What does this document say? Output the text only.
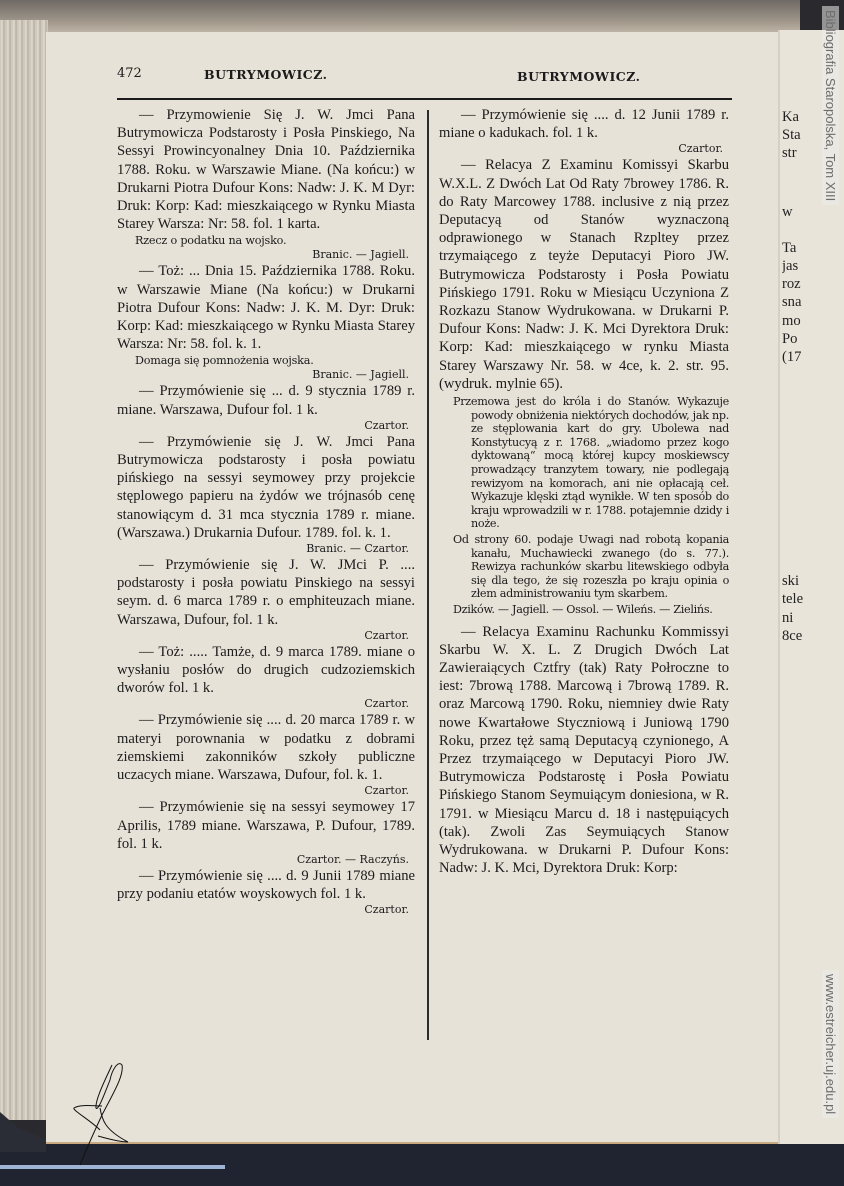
472	BUTRYMOWICZ.	BUTRYMOWICZ.

— Przymowienie Się J. W. Jmci Pana Butrymowicza Podstarosty i Posła Pinskiego, Na Sessyi Prowincyonalney Dnia 10. Października 1788. Roku. w Warszawie Miane. (Na końcu:) w Drukarni Piotra Dufour Kons: Nadw: J. K. M Dyr: Druk: Korp: Kad: mieszkaiącego w Rynku Miasta Starey Warsza: Nr: 58. fol. 1 karta.

Rzecz o podatku na wojsko.

Branic. — Jagiell.

— Toż: ... Dnia 15. Października 1788. Roku. w Warszawie Miane (Na końcu:) w Drukarni Piotra Dufour Kons: Nadw: J. K. M. Dyr: Druk: Korp: Kad: mieszkaiącego w Rynku Miasta Starey Warsza: Nr: 58. fol. k. 1.

Domaga się pomnożenia wojska.

Branic. — Jagiell.

— Przymówienie się ... d. 9 stycznia 1789 r. miane. Warszawa, Dufour fol. 1 k.

Czartor.

— Przymówienie się J. W. Jmci Pana Butrymowicza podstarosty i posła powiatu pińskiego na sessyi seymowey przy projekcie stęplowego papieru na żydów we trójnasób cenę stanowiącym d. 31 mca stycznia 1789 r. miane. (Warszawa.) Drukarnia Dufour. 1789. fol. k. 1.

Branic. — Czartor.

— Przymówienie się J. W. JMci P. .... podstarosty i posła powiatu Pinskiego na sessyi seym. d. 6 marca 1789 r. o emphiteuzach miane. Warszawa, Dufour, fol. 1 k.

Czartor.

— Toż: ..... Tamże, d. 9 marca 1789. miane o wysłaniu posłów do drugich cudzoziemskich dworów fol. 1 k.

Czartor.

— Przymówienie się .... d. 20 marca 1789 r. w materyi porownania w podatku z dobrami ziemskiemi zakonników szkoły publiczne uczacych miane. Warszawa, Dufour, fol. k. 1.

Czartor.

— Przymówienie się na sessyi seymowey 17 Aprilis, 1789 miane. Warszawa, P. Dufour, 1789. fol. 1 k.

Czartor. — Raczyńs.

— Przymówienie się .... d. 9 Junii 1789 miane przy podaniu etatów woyskowych fol. 1 k.

Czartor.

— Przymówienie się .... d. 12 Junii 1789 r. miane o kadukach. fol. 1 k.

Czartor.

— Relacya Z Examinu Komissyi Skarbu W.X.L. Z Dwóch Lat Od Raty 7browey 1786. R. do Raty Marcowey 1788. inclusive z nią przez Deputacyą od Stanów wyznaczoną odprawionego w Stanach Rzpltey przez trzymaiącego z teyże Deputacyi Pioro JW. Butrymowicza Podstarosty i Posła Powiatu Pińskiego 1791. Roku w Miesiącu Uczyniona Z Rozkazu Stanow Wydrukowana. w Drukarni P. Dufour Kons: Nadw: J. K. Mci Dyrektora Druk: Korp: Kad: mieszkaiącego w rynku Miasta Starey Warszawy Nr. 58. w 4ce, k. 2. str. 95. (wydruk. mylnie 65).

Przemowa jest do króla i do Stanów. Wykazuje powody obniżenia niektórych dochodów, jak np. ze stęplowania kart do gry. Ubolewa nad Konstytucyą z r. 1768. „wiadomo przez kogo dyktowaną“ mocą której kupcy moskiewscy prowadzący tranzytem towary, nie podlegają rewizyom na komorach, ani nie opłacają ceł. Wykazuje klęski ztąd wynikłe. W ten sposób do kraju wprowadzili w r. 1788. potajemnie dzidy i noże.

Od strony 60. podaje Uwagi nad robotą kopania kanału, Muchawiecki zwanego (do s. 77.). Rewizya rachunków skarbu litewskiego odbyła się dla tego, że się rozeszła po kraju opinia o złem administrowaniu tym skarbem.

Dzików. — Jagiell. — Ossol. — Wileńs. — Zielińs.

— Relacya Examinu Rachunku Kommissyi Skarbu W. X. L. Z Drugich Dwóch Lat Zawieraiących Cztfry (tak) Raty Połroczne to iest: 7brową 1788. Marcową i 7brową 1789. R. oraz Marcową 1790. Roku, niemniey dwie Raty nowe Kwartałowe Styczniową i Juniową 1790 Roku, przez tęż samą Deputacyą czynionego, A Przez trzymaiącego w Deputacyi Pioro JW. Butrymowicza Podstarostę i Posła Powiatu Pińskiego Stanom Seymuiącym doniesiona, w R. 1791. w Miesiącu Marcu d. 18 i następuiących (tak). Zwoli Zas Seymuiących Stanow Wydrukowana. w Drukarni P. Dufour Kons: Nadw: J. K. Mci, Dyrektora Druk: Korp:

Ka
Sta
str
w
Ta
jas
roz
sna
mo
Po
(17
ski
tele
ni
8ce
Bibliografia Staropolska, Tom XIII
www.estreicher.uj.edu.pl
